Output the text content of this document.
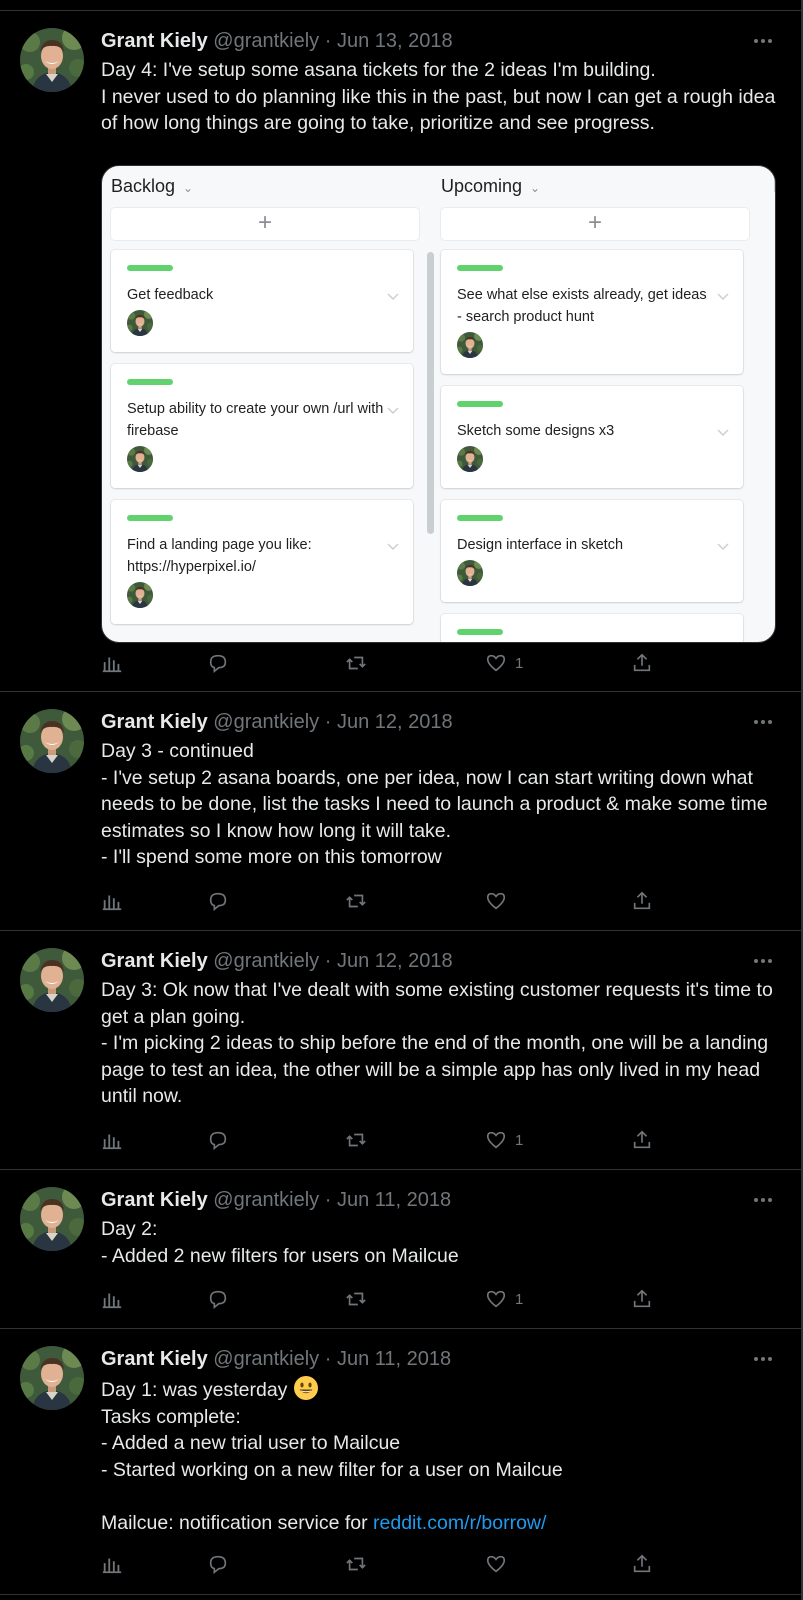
Grant Kiely @grantkiely · Jun 13, 2018
Day 4: I've setup some asana tickets for the 2 ideas I'm building.
I never used to do planning like this in the past, but now I can get a rough idea of how long things are going to take, prioritize and see progress.
Backlog ⌄
+
Get feedback
Setup ability to create your own /url with firebase
Find a landing page you like: https://hyperpixel.io/
Upcoming ⌄
+
See what else exists already, get ideas - search product hunt
Sketch some designs x3
Design interface in sketch
1
Grant Kiely @grantkiely · Jun 12, 2018
Day 3 - continued
- I've setup 2 asana boards, one per idea, now I can start writing down what needs to be done, list the tasks I need to launch a product & make some time estimates so I know how long it will take.
- I'll spend some more on this tomorrow
Grant Kiely @grantkiely · Jun 12, 2018
Day 3: Ok now that I've dealt with some existing customer requests it's time to get a plan going.
- I'm picking 2 ideas to ship before the end of the month, one will be a landing page to test an idea, the other will be a simple app has only lived in my head until now.
1
Grant Kiely @grantkiely · Jun 11, 2018
Day 2:
- Added 2 new filters for users on Mailcue
1
Grant Kiely @grantkiely · Jun 11, 2018
Day 1: was yesterday
Tasks complete:
- Added a new trial user to Mailcue
- Started working on a new filter for a user on Mailcue

Mailcue: notification service for reddit.com/r/borrow/
